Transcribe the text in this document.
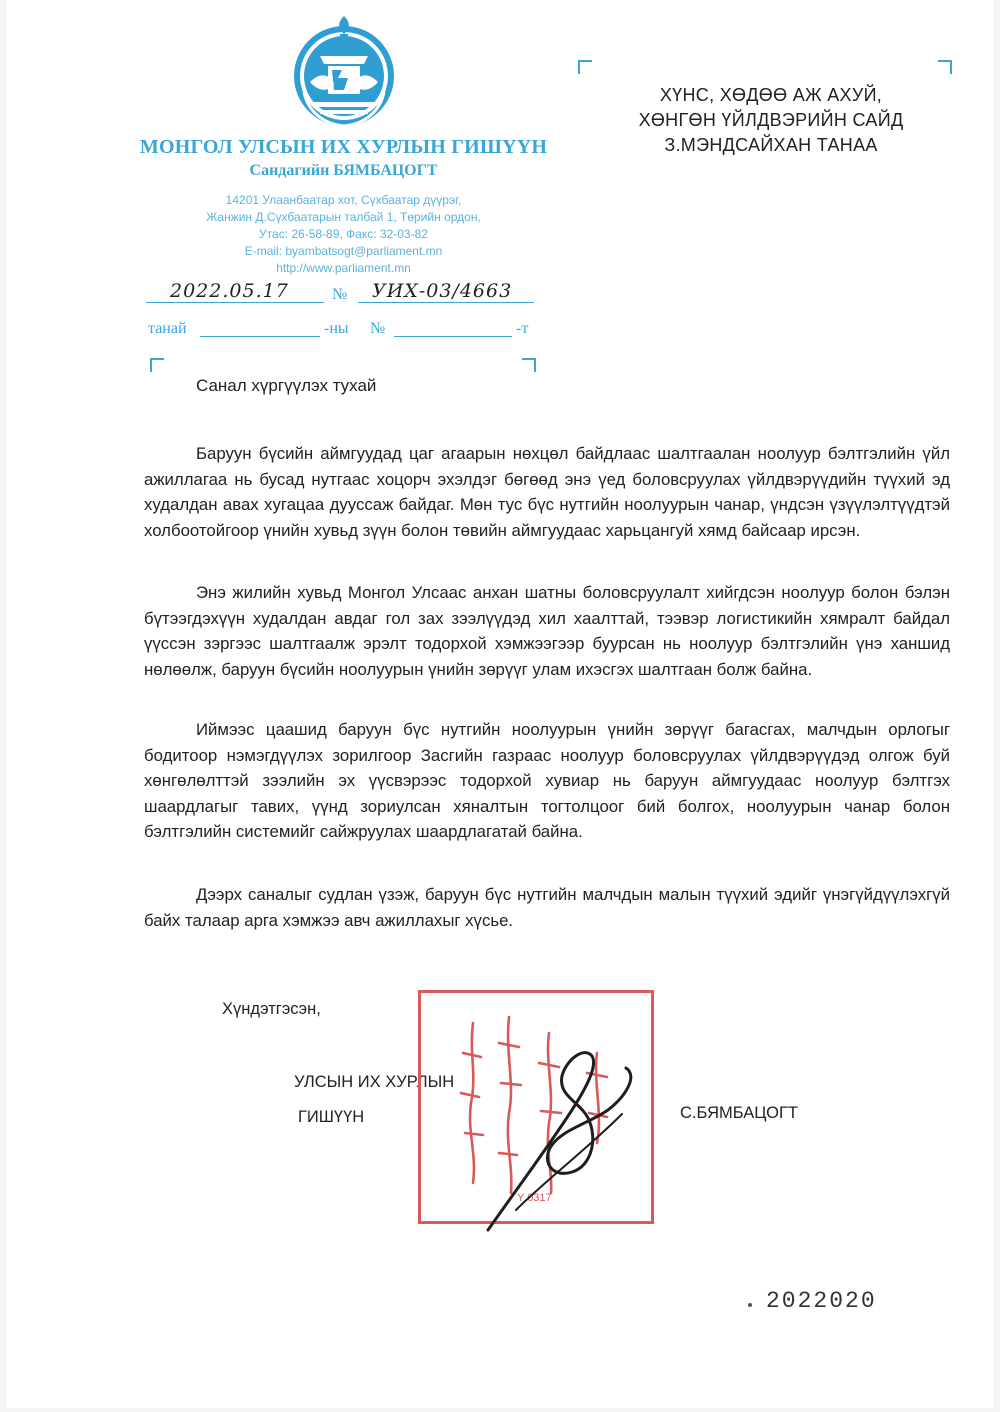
МОНГОЛ УЛСЫН ИХ ХУРЛЫН ГИШҮҮН
Сандагийн БЯМБАЦОГТ
14201 Улаанбаатар хот, Сүхбаатар дүүрэг,
Жанжин Д.Сүхбаатарын талбай 1, Төрийн ордон,
Утас: 26-58-89, Факс: 32-03-82
E-mail: byambatsogt@parliament.mn
http://www.parliament.mn
2022.05.17	№ УИХ-03/4663
танай	-ны №	-т
ХҮНС, ХӨДӨӨ АЖ АХУЙ,
ХӨНГӨН ҮЙЛДВЭРИЙН САЙД
З.МЭНДСАЙХАН ТАНАА
Санал хүргүүлэх тухай

Баруун бүсийн аймгуудад цаг агаарын нөхцөл байдлаас шалтгаалан ноолуур бэлтгэлийн үйл ажиллагаа нь бусад нутгаас хоцорч эхэлдэг бөгөөд энэ үед боловсруулах үйлдвэрүүдийн түүхий эд худалдан авах хугацаа дууссаж байдаг. Мөн тус бүс нутгийн ноолуурын чанар, үндсэн үзүүлэлтүүдтэй холбоотойгоор үнийн хувьд зүүн болон төвийн аймгуудаас харьцангуй хямд байсаар ирсэн.

Энэ жилийн хувьд Монгол Улсаас анхан шатны боловсруулалт хийгдсэн ноолуур болон бэлэн бүтээгдэхүүн худалдан авдаг гол зах зээлүүдэд хил хаалттай, тээвэр логистикийн хямралт байдал үүссэн зэргээс шалтгаалж эрэлт тодорхой хэмжээгээр буурсан нь ноолуур бэлтгэлийн үнэ ханшид нөлөөлж, баруун бүсийн ноолуурын үнийн зөрүүг улам ихэсгэх шалтгаан болж байна.

Иймээс цаашид баруун бүс нутгийн ноолуурын үнийн зөрүүг багасгах, малчдын орлогыг бодитоор нэмэгдүүлэх зорилгоор Засгийн газраас ноолуур боловсруулах үйлдвэрүүдэд олгож буй хөнгөлөлттэй зээлийн эх үүсвэрээс тодорхой хувиар нь баруун аймгуудаас ноолуур бэлтгэх шаардлагыг тавих, үүнд зориулсан хяналтын тогтолцоог бий болгох, ноолуурын чанар болон бэлтгэлийн системийг сайжруулах шаардлагатай байна.

Дээрх саналыг судлан үзэж, баруун бүс нутгийн малчдын малын түүхий эдийг үнэгүйдүүлэхгүй байх талаар арга хэмжээ авч ажиллахыг хүсье.

Хүндэтгэсэн,
УЛСЫН ИХ ХУРЛЫН
ГИШҮҮН	С.БЯМБАЦОГТ
Y 0317
2022020
